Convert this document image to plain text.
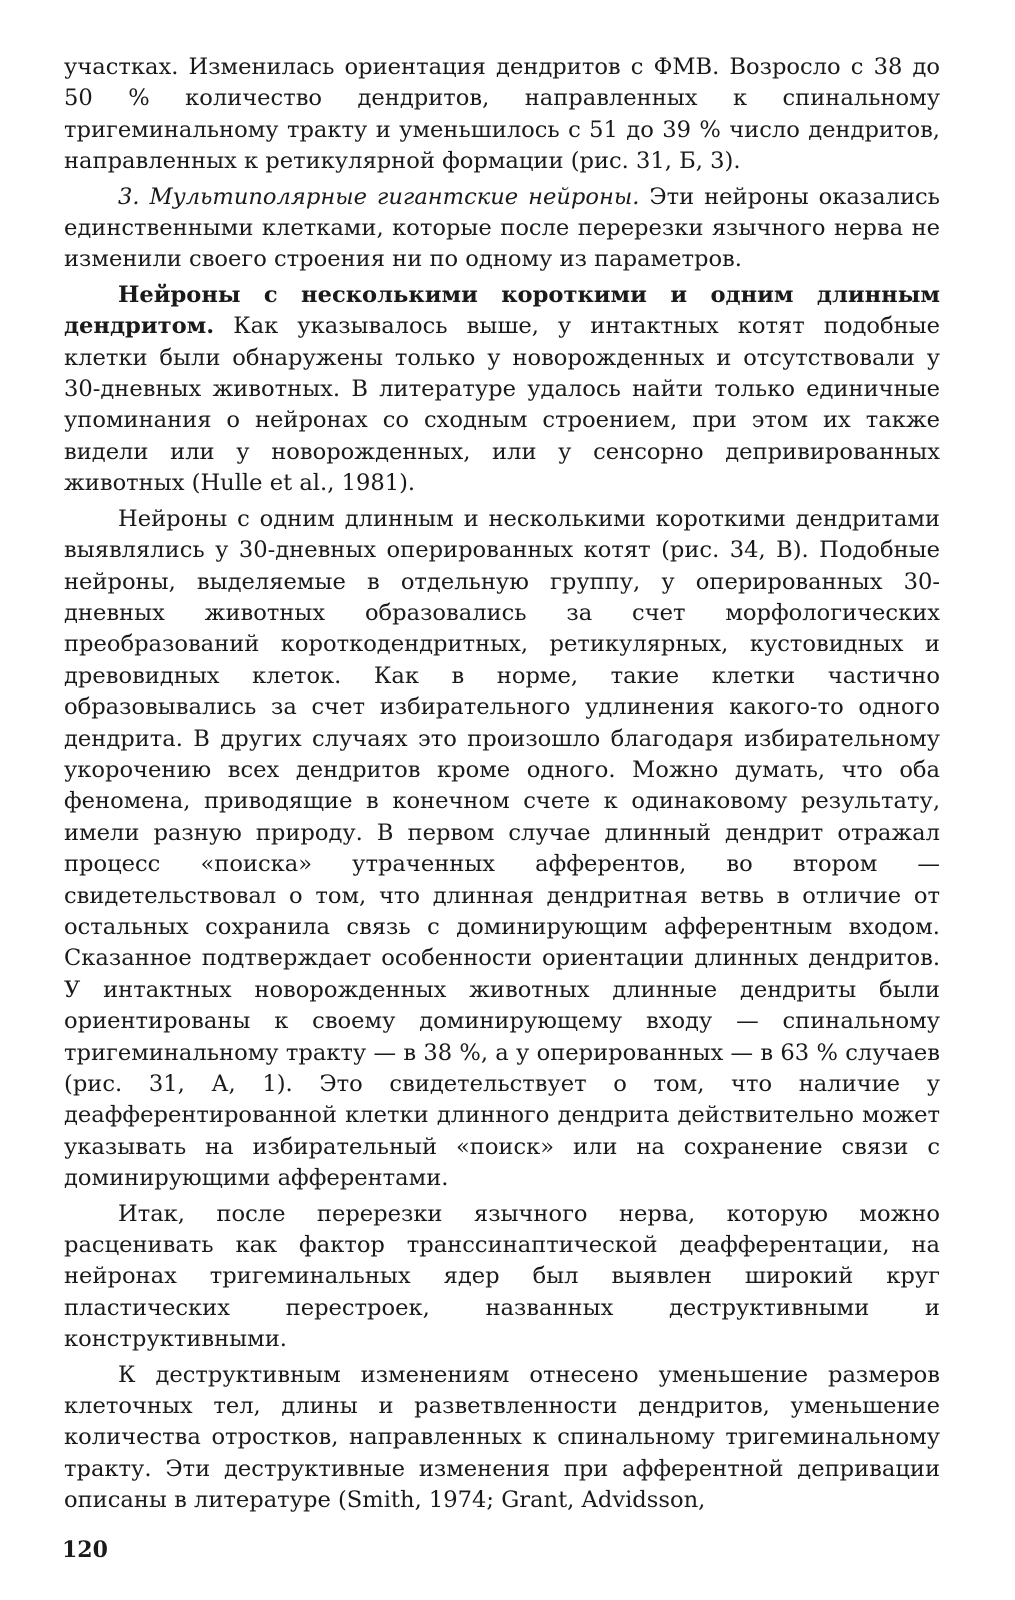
участках. Изменилась ориентация дендритов с ФМВ. Возросло с 38 до 50 % количество дендритов, направленных к спинальному тригеминальному тракту и уменьшилось с 51 до 39 % число дендритов, направленных к ретикулярной формации (рис. 31, Б, 3).

3. Мультиполярные гигантские нейроны. Эти нейроны оказались единственными клетками, которые после перерезки язычного нерва не изменили своего строения ни по одному из параметров.

Нейроны с несколькими короткими и одним длинным дендритом. Как указывалось выше, у интактных котят подобные клетки были обнаружены только у новорожденных и отсутствовали у 30-дневных животных. В литературе удалось найти только единичные упоминания о нейронах со сходным строением, при этом их также видели или у новорожденных, или у сенсорно депривированных животных (Hulle et al., 1981).

Нейроны с одним длинным и несколькими короткими дендритами выявлялись у 30-дневных оперированных котят (рис. 34, В). Подобные нейроны, выделяемые в отдельную группу, у оперированных 30-дневных животных образовались за счет морфологических преобразований короткодендритных, ретикулярных, кустовидных и древовидных клеток. Как в норме, такие клетки частично образовывались за счет избирательного удлинения какого-то одного дендрита. В других случаях это произошло благодаря избирательному укорочению всех дендритов кроме одного. Можно думать, что оба феномена, приводящие в конечном счете к одинаковому результату, имели разную природу. В первом случае длинный дендрит отражал процесс «поиска» утраченных афферентов, во втором — свидетельствовал о том, что длинная дендритная ветвь в отличие от остальных сохранила связь с доминирующим афферентным входом. Сказанное подтверждает особенности ориентации длинных дендритов. У интактных новорожденных животных длинные дендриты были ориентированы к своему доминирующему входу — спинальному тригеминальному тракту — в 38 %, а у оперированных — в 63 % случаев (рис. 31, А, 1). Это свидетельствует о том, что наличие у деафферентированной клетки длинного дендрита действительно может указывать на избирательный «поиск» или на сохранение связи с доминирующими афферентами.

Итак, после перерезки язычного нерва, которую можно расценивать как фактор транссинаптической деафферентации, на нейронах тригеминальных ядер был выявлен широкий круг пластических перестроек, названных деструктивными и конструктивными.

К деструктивным изменениям отнесено уменьшение размеров клеточных тел, длины и разветвленности дендритов, уменьшение количества отростков, направленных к спинальному тригеминальному тракту. Эти деструктивные изменения при афферентной депривации описаны в литературе (Smith, 1974; Grant, Advidsson,

120
